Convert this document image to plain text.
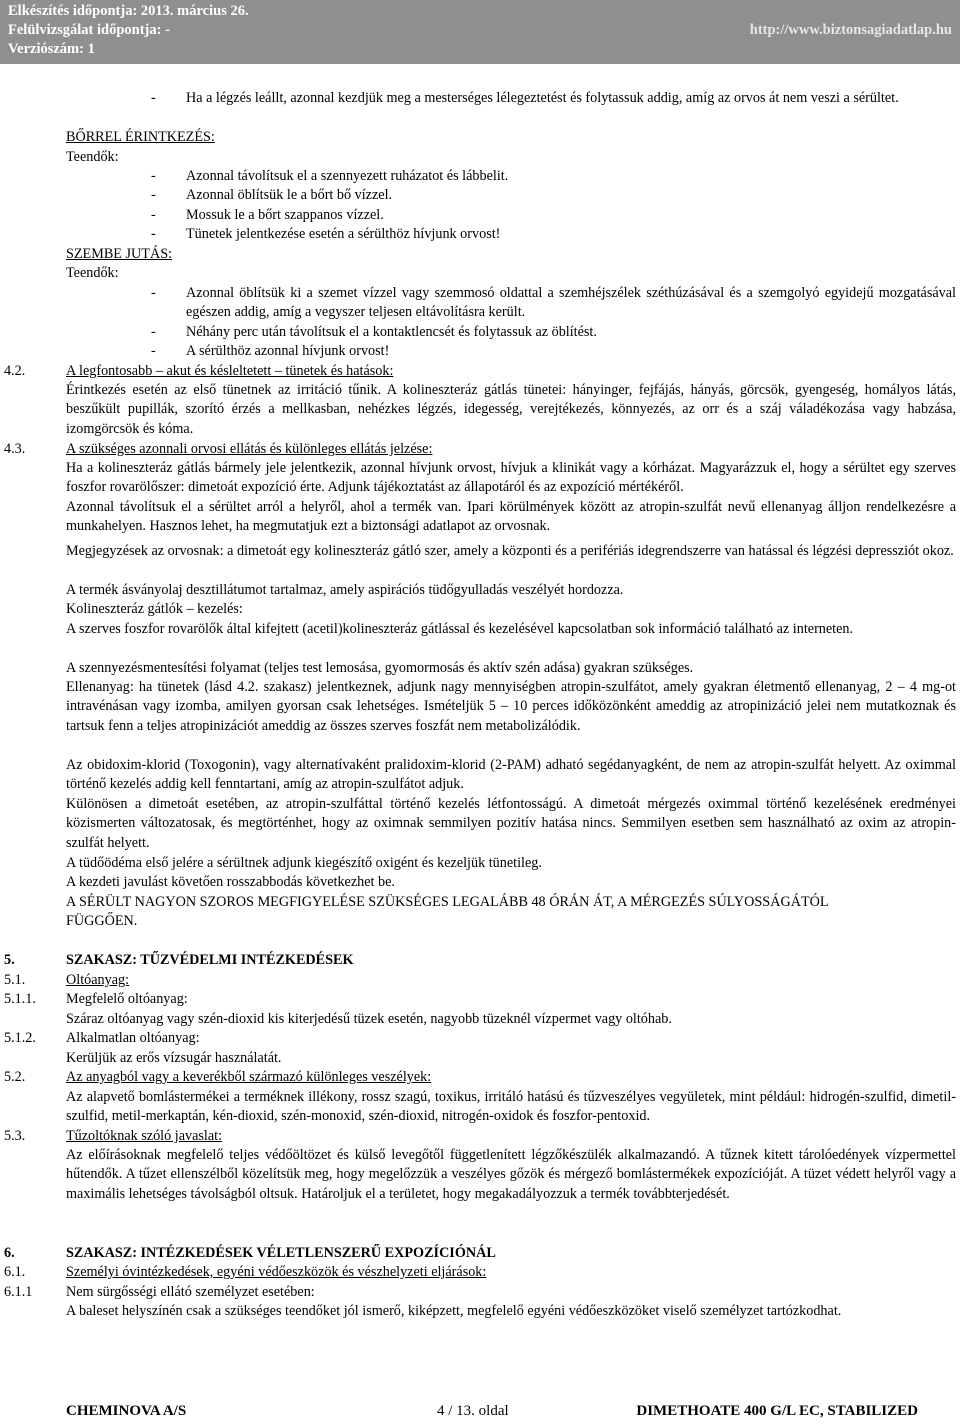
Elkészítés időpontja: 2013. március 26.
Felülvizsgálat időpontja: -
Verziószám: 1
http://www.biztonsagiadatlap.hu
- Ha a légzés leállt, azonnal kezdjük meg a mesterséges lélegeztetést és folytassuk addig, amíg az orvos át nem veszi a sérültet.
BŐRREL ÉRINTKEZÉS:
Teendők:
- Azonnal távolítsuk el a szennyezett ruházatot és lábbelit.
- Azonnal öblítsük le a bőrt bő vízzel.
- Mossuk le a bőrt szappanos vízzel.
- Tünetek jelentkezése esetén a sérülthöz hívjunk orvost!
SZEMBE JUTÁS:
Teendők:
- Azonnal öblítsük ki a szemet vízzel vagy szemmosó oldattal a szemhéjszélek széthúzásával és a szemgolyó egyidejű mozgatásával egészen addig, amíg a vegyszer teljesen eltávolításra került.
- Néhány perc után távolítsuk el a kontaktlencsét és folytassuk az öblítést.
- A sérülthöz azonnal hívjunk orvost!
4.2.	A legfontosabb – akut és késleltetett – tünetek és hatások:
Érintkezés esetén az első tünetnek az irritáció tűnik. A kolineszteráz gátlás tünetei: hányinger, fejfájás, hányás, görcsök, gyengeség, homályos látás, beszűkült pupillák, szorító érzés a mellkasban, nehézkes légzés, idegesség, verejtékezés, könnyezés, az orr és a száj váladékozása vagy habzása, izomgörcsök és kóma.
4.3.	A szükséges azonnali orvosi ellátás és különleges ellátás jelzése:
Ha a kolineszteráz gátlás bármely jele jelentkezik, azonnal hívjunk orvost, hívjuk a klinikát vagy a kórházat. Magyarázzuk el, hogy a sérültet egy szerves foszfor rovarölőszer: dimetoát expozíció érte. Adjunk tájékoztatást az állapotáról és az expozíció mértékéről.
Azonnal távolítsuk el a sérültet arról a helyről, ahol a termék van. Ipari körülmények között az atropin-szulfát nevű ellenanyag álljon rendelkezésre a munkahelyen. Hasznos lehet, ha megmutatjuk ezt a biztonsági adatlapot az orvosnak.
Megjegyzések az orvosnak: a dimetoát egy kolineszteráz gátló szer, amely a központi és a perifériás idegrendszerre van hatással és légzési depressziót okoz.
A termék ásványolaj desztillátumot tartalmaz, amely aspirációs tüdőgyulladás veszélyét hordozza.
Kolineszteráz gátlók – kezelés:
A szerves foszfor rovarölők által kifejtett (acetil)kolineszteráz gátlással és kezelésével kapcsolatban sok információ található az interneten.
A szennyezésmentesítési folyamat (teljes test lemosása, gyomormosás és aktív szén adása) gyakran szükséges.
Ellenanyag: ha tünetek (lásd 4.2. szakasz) jelentkeznek, adjunk nagy mennyiségben atropin-szulfátot, amely gyakran életmentő ellenanyag, 2 – 4 mg-ot intravénásan vagy izomba, amilyen gyorsan csak lehetséges. Ismételjük 5 – 10 perces időközönként ameddig az atropinizáció jelei nem mutatkoznak és tartsuk fenn a teljes atropinizációt ameddig az összes szerves foszfát nem metabolizálódik.
Az obidoxim-klorid (Toxogonin), vagy alternatívaként pralidoxim-klorid (2-PAM) adható segédanyagként, de nem az atropin-szulfát helyett. Az oximmal történő kezelés addig kell fenntartani, amíg az atropin-szulfátot adjuk.
Különösen a dimetoát esetében, az atropin-szulfáttal történő kezelés létfontosságú. A dimetoát mérgezés oximmal történő kezelésének eredményei közismerten változatosak, és megtörténhet, hogy az oximnak semmilyen pozitív hatása nincs. Semmilyen esetben sem használható az oxim az atropin-szulfát helyett.
A tüdőödéma első jelére a sérültnek adjunk kiegészítő oxigént és kezeljük tünetileg.
A kezdeti javulást követően rosszabbodás következhet be.
A SÉRÜLT NAGYON SZOROS MEGFIGYELÉSE SZÜKSÉGES LEGALÁBB 48 ÓRÁN ÁT, A MÉRGEZÉS SÚLYOSSÁGÁTÓL FÜGGŐEN.
5.	SZAKASZ: TŰZVÉDELMI INTÉZKEDÉSEK
5.1.	Oltóanyag:
5.1.1. Megfelelő oltóanyag:
Száraz oltóanyag vagy szén-dioxid kis kiterjedésű tüzek esetén, nagyobb tüzeknél vízpermet vagy oltóhab.
5.1.2. Alkalmatlan oltóanyag:
Kerüljük az erős vízsugár használatát.
5.2.	Az anyagból vagy a keverékből származó különleges veszélyek:
Az alapvető bomlástermékei a terméknek illékony, rossz szagú, toxikus, irritáló hatású és tűzveszélyes vegyületek, mint például: hidrogén-szulfid, dimetil-szulfid, metil-merkaptán, kén-dioxid, szén-monoxid, szén-dioxid, nitrogén-oxidok és foszfor-pentoxid.
5.3.	Tűzoltóknak szóló javaslat:
Az előírásoknak megfelelő teljes védőöltözet és külső levegőtől függetlenített légzőkészülék alkalmazandó. A tűznek kitett tárolóedények vízpermettel hűtendők. A tűzet ellenszélből közelítsük meg, hogy megelőzzük a veszélyes gőzök és mérgező bomlástermékek expozícióját. A tüzet védett helyről vagy a maximális lehetséges távolságból oltsuk. Határoljuk el a területet, hogy megakadályozzuk a termék továbbterjedését.
6.	SZAKASZ: INTÉZKEDÉSEK VÉLETLENSZERŰ EXPOZÍCIÓNÁL
6.1.	Személyi óvintézkedések, egyéni védőeszközök és vészhelyzeti eljárások:
6.1.1 Nem sürgősségi ellátó személyzet esetében:
A baleset helyszínén csak a szükséges teendőket jól ismerő, kiképzett, megfelelő egyéni védőeszközöket viselő személyzet tartózkodhat.
CHEMINOVA A/S	4 / 13. oldal	DIMETHOATE 400 G/L EC, STABILIZED
